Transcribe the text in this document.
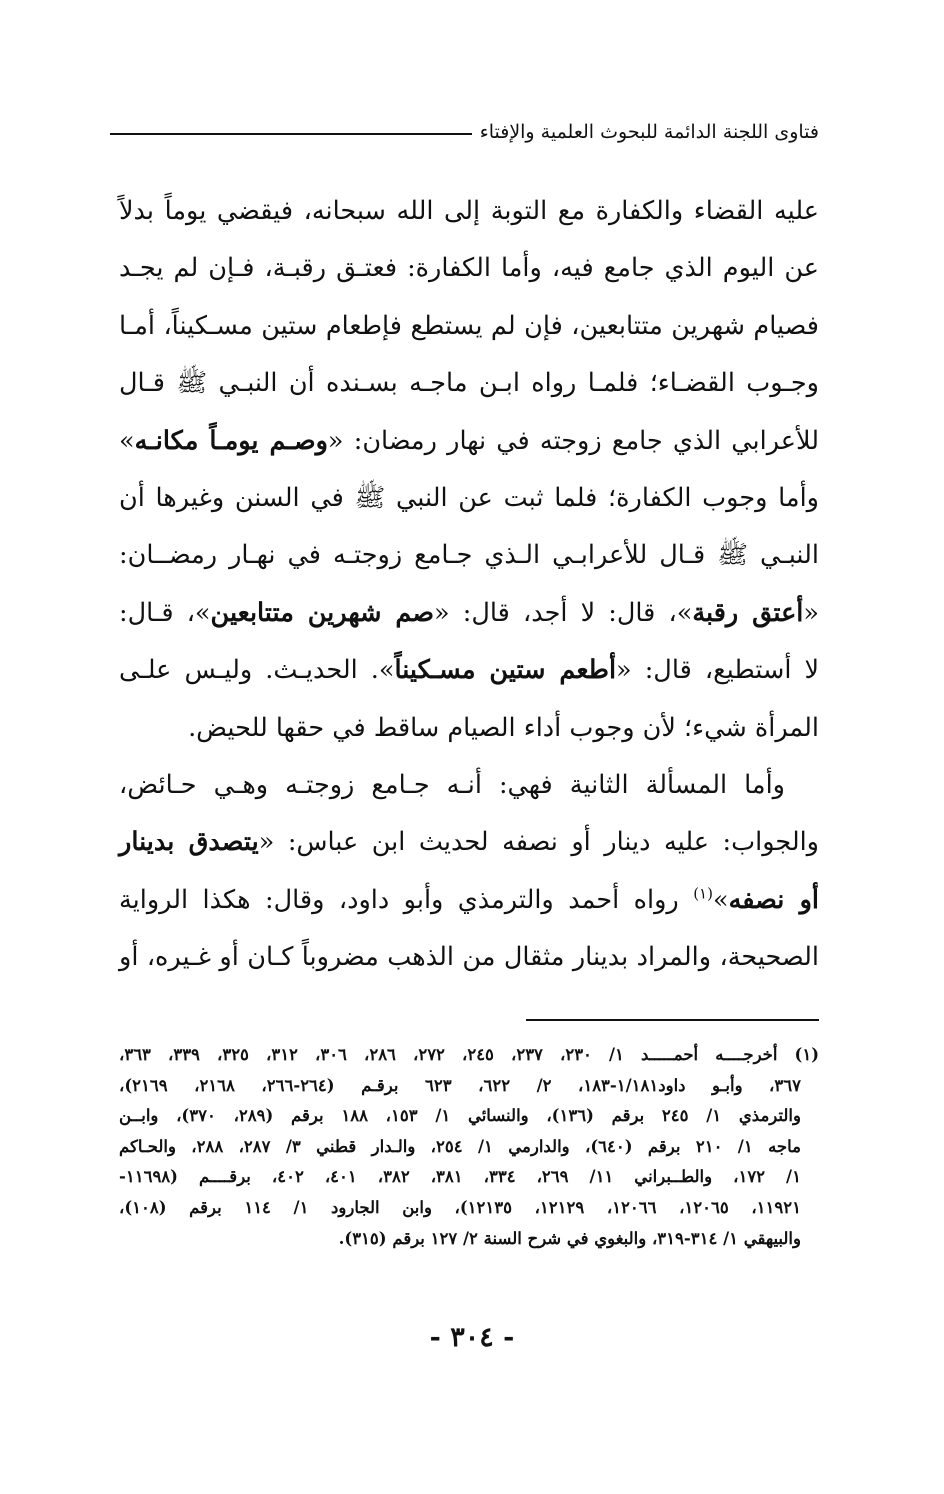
فتاوى اللجنة الدائمة للبحوث العلمية والإفتاء
عليه القضاء والكفارة مع التوبة إلى الله سبحانه، فيقضي يوماً بدلاً
عن اليوم الذي جامع فيه، وأما الكفارة: فعتـق رقبـة، فـإن لم يجـد
فصيام شهرين متتابعين، فإن لم يستطع فإطعام ستين مسـكيناً، أمـا
وجـوب القضـاء؛ فلمـا رواه ابـن ماجـه بسـنده أن النبـي ﷺ قـال
للأعرابي الذي جامع زوجته في نهار رمضان: «وصـم يومـاً مكانـه»
وأما وجوب الكفارة؛ فلما ثبت عن النبي ﷺ في السنن وغيرها أن
النبـي ﷺ قـال للأعرابـي الـذي جـامع زوجتـه في نهـار رمضــان:
«أعتق رقبة»، قال: لا أجد، قال: «صم شهرين متتابعين»، قـال:
لا أستطيع، قال: «أطعم ستين مسـكيناً». الحديـث. وليـس علـى
المرأة شيء؛ لأن وجوب أداء الصيام ساقط في حقها للحيض.
وأما المسألة الثانية فهي: أنـه جـامع زوجتـه وهـي حـائض،
والجواب: عليه دينار أو نصفه لحديث ابن عباس: «يتصدق بدينار
أو نصفه»$^{(١)}$ رواه أحمد والترمذي وأبو داود، وقال: هكذا الرواية
الصحيحة، والمراد بدينار مثقال من الذهب مضروباً كـان أو غـيره، أو
(١) أخرجــــه أحمـــــد ١/ ٢٣٠، ٢٣٧، ٢٤٥، ٢٧٢، ٢٨٦، ٣٠٦، ٣١٢، ٣٢٥، ٣٣٩، ٣٦٣،
٣٦٧، وأبـو داود١/١٨١-١٨٣، ٢/ ٦٢٢، ٦٢٣ برقـم (٢٦٤-٢٦٦، ٢١٦٨، ٢١٦٩)،
والترمذي ١/ ٢٤٥ برقم (١٣٦)، والنسائي ١/ ١٥٣، ١٨٨ برقم (٢٨٩، ٣٧٠)، وابــن
ماجه ١/ ٢١٠ برقم (٦٤٠)، والدارمي ١/ ٢٥٤، والـدار قطني ٣/ ٢٨٧، ٢٨٨، والحـاكم
١/ ١٧٢، والطــبراني ١١/ ٢٦٩، ٣٣٤، ٣٨١، ٣٨٢، ٤٠١، ٤٠٢، برقــــم (١١٦٩٨-
١١٩٢١، ١٢٠٦٥، ١٢٠٦٦، ١٢١٢٩، ١٢١٣٥)، وابن الجارود ١/ ١١٤ برقم (١٠٨)،
والبيهقي ١/ ٣١٤-٣١٩، والبغوي في شرح السنة ٢/ ١٢٧ برقم (٣١٥).
- ٣٠٤ -
